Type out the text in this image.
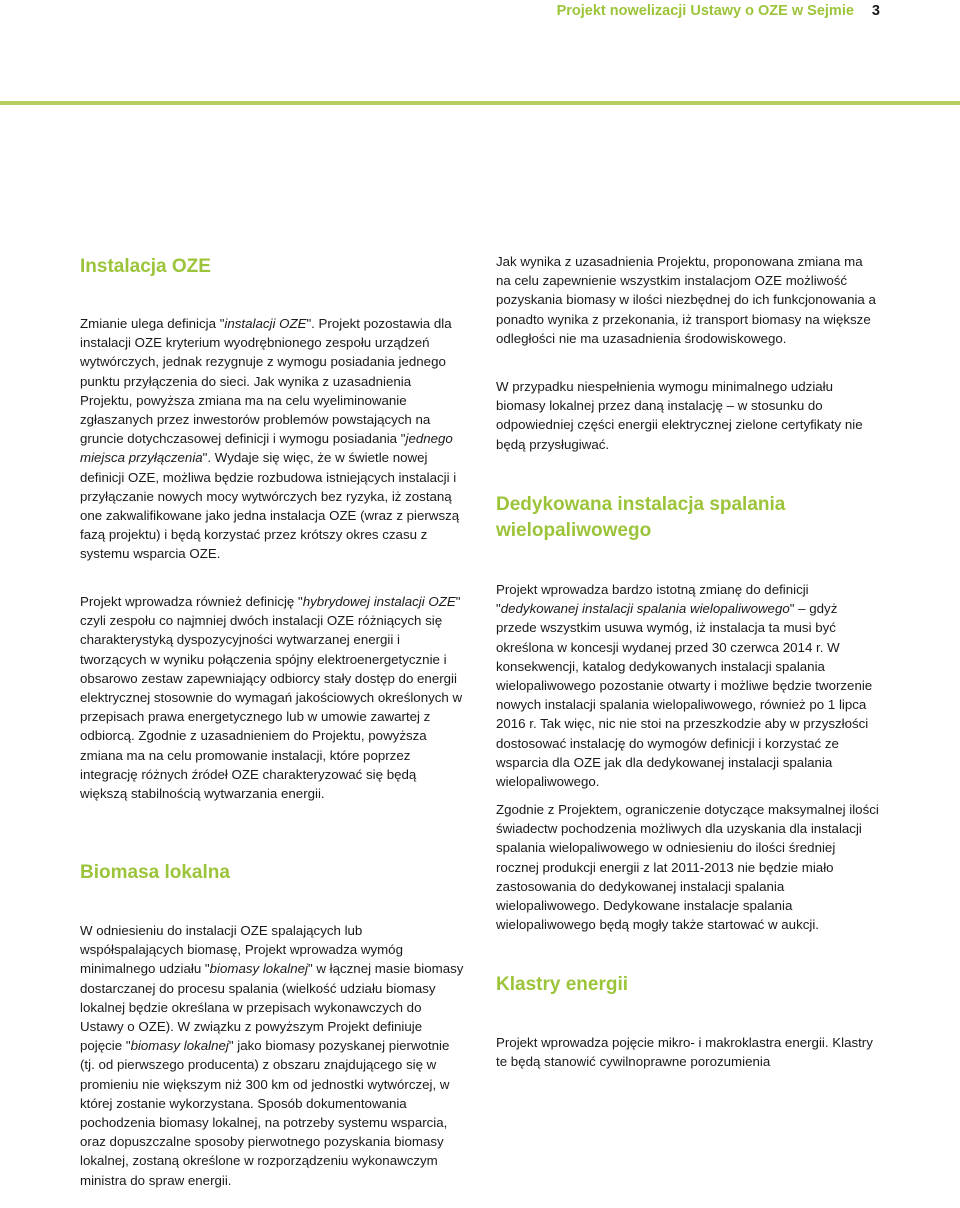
Projekt nowelizacji Ustawy o OZE w Sejmie 3
Instalacja OZE

Zmianie ulega definicja "instalacji OZE". Projekt pozostawia dla instalacji OZE kryterium wyodrębnionego zespołu urządzeń wytwórczych, jednak rezygnuje z wymogu posiadania jednego punktu przyłączenia do sieci. Jak wynika z uzasadnienia Projektu, powyższa zmiana ma na celu wyeliminowanie zgłaszanych przez inwestorów problemów powstających na gruncie dotychczasowej definicji i wymogu posiadania "jednego miejsca przyłączenia". Wydaje się więc, że w świetle nowej definicji OZE, możliwa będzie rozbudowa istniejących instalacji i przyłączanie nowych mocy wytwórczych bez ryzyka, iż zostaną one zakwalifikowane jako jedna instalacja OZE (wraz z pierwszą fazą projektu) i będą korzystać przez krótszy okres czasu z systemu wsparcia OZE.

Projekt wprowadza również definicję "hybrydowej instalacji OZE" czyli zespołu co najmniej dwóch instalacji OZE różniących się charakterystyką dyspozycyjności wytwarzanej energii i tworzących w wyniku połączenia spójny elektroenergetycznie i obsarowo zestaw zapewniający odbiorcy stały dostęp do energii elektrycznej stosownie do wymagań jakościowych określonych w przepisach prawa energetycznego lub w umowie zawartej z odbiorcą. Zgodnie z uzasadnieniem do Projektu, powyższa zmiana ma na celu promowanie instalacji, które poprzez integrację różnych źródeł OZE charakteryzować się będą większą stabilnością wytwarzania energii.

Biomasa lokalna

W odniesieniu do instalacji OZE spalających lub współspalających biomasę, Projekt wprowadza wymóg minimalnego udziału "biomasy lokalnej" w łącznej masie biomasy dostarczanej do procesu spalania (wielkość udziału biomasy lokalnej będzie określana w przepisach wykonawczych do Ustawy o OZE). W związku z powyższym Projekt definiuje pojęcie "biomasy lokalnej" jako biomasy pozyskanej pierwotnie (tj. od pierwszego producenta) z obszaru znajdującego się w promieniu nie większym niż 300 km od jednostki wytwórczej, w której zostanie wykorzystana. Sposób dokumentowania pochodzenia biomasy lokalnej, na potrzeby systemu wsparcia, oraz dopuszczalne sposoby pierwotnego pozyskania biomasy lokalnej, zostaną określone w rozporządzeniu wykonawczym ministra do spraw energii.

Jak wynika z uzasadnienia Projektu, proponowana zmiana ma na celu zapewnienie wszystkim instalacjom OZE możliwość pozyskania biomasy w ilości niezbędnej do ich funkcjonowania a ponadto wynika z przekonania, iż transport biomasy na większe odległości nie ma uzasadnienia środowiskowego.

W przypadku niespełnienia wymogu minimalnego udziału biomasy lokalnej przez daną instalację – w stosunku do odpowiedniej części energii elektrycznej zielone certyfikaty nie będą przysługiwać.

Dedykowana instalacja spalania wielopaliwowego

Projekt wprowadza bardzo istotną zmianę do definicji "dedykowanej instalacji spalania wielopaliwowego" – gdyż przede wszystkim usuwa wymóg, iż instalacja ta musi być określona w koncesji wydanej przed 30 czerwca 2014 r. W konsekwencji, katalog dedykowanych instalacji spalania wielopaliwowego pozostanie otwarty i możliwe będzie tworzenie nowych instalacji spalania wielopaliwowego, również po 1 lipca 2016 r. Tak więc, nic nie stoi na przeszkodzie aby w przyszłości dostosować instalację do wymogów definicji i korzystać ze wsparcia dla OZE jak dla dedykowanej instalacji spalania wielopaliwowego.

Zgodnie z Projektem, ograniczenie dotyczące maksymalnej ilości świadectw pochodzenia możliwych dla uzyskania dla instalacji spalania wielopaliwowego w odniesieniu do ilości średniej rocznej produkcji energii z lat 2011-2013 nie będzie miało zastosowania do dedykowanej instalacji spalania wielopaliwowego. Dedykowane instalacje spalania wielopaliwowego będą mogły także startować w aukcji.

Klastry energii

Projekt wprowadza pojęcie mikro- i makroklastra energii. Klastry te będą stanowić cywilnoprawne porozumienia
